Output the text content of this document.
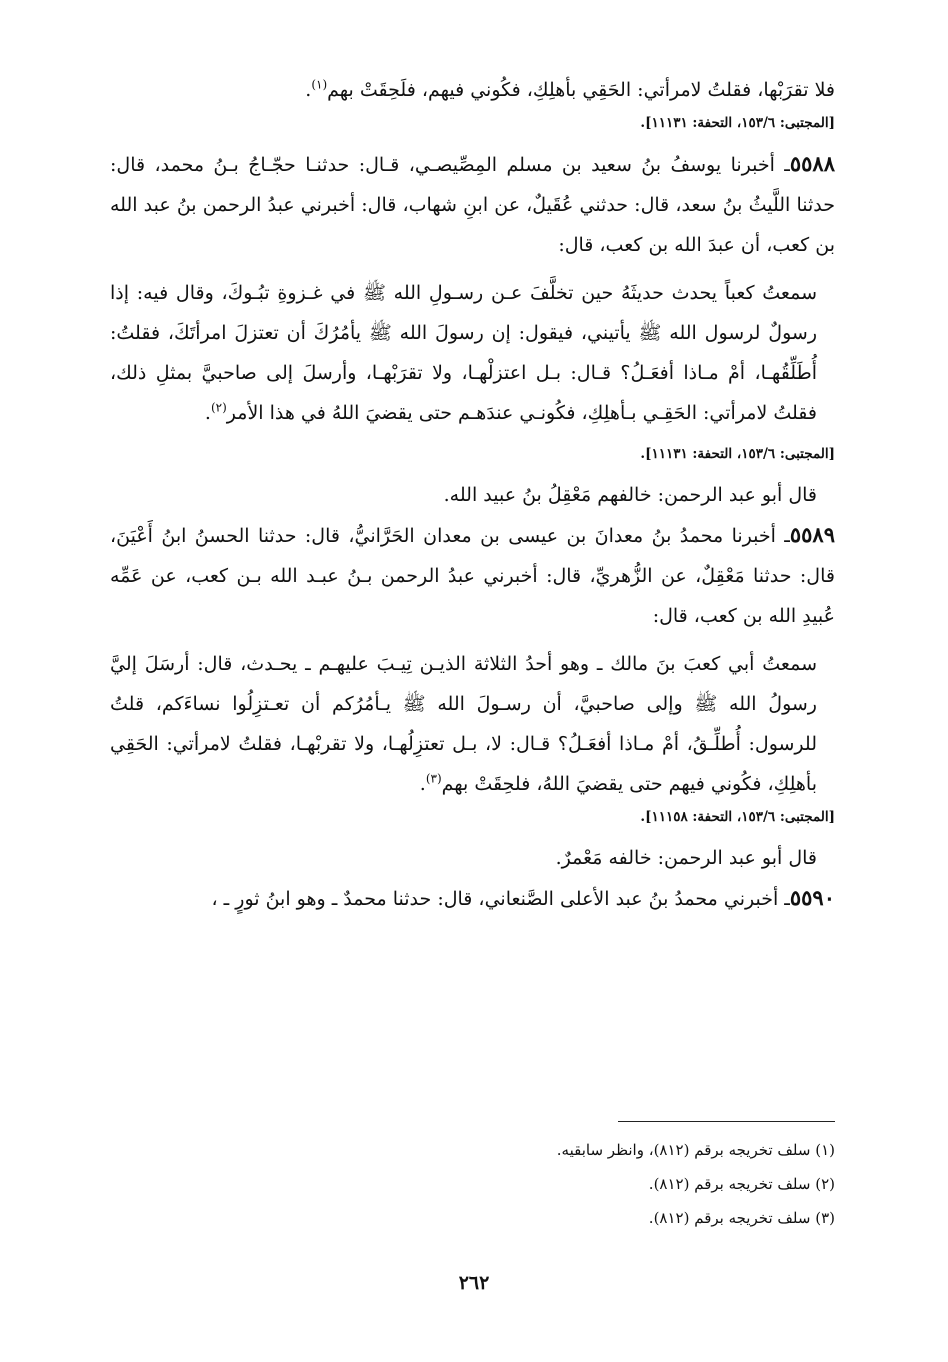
فلا تقرَبْها، فقلتُ لامرأتي: الحَقِي بأهلِكِ، فكُوني فيهم، فلَحِقَتْ بهم$^{(١)}$.

[المجتبى: ١٥٣/٦، التحفة: ١١١٣١].

٥٥٨٨ـ أخبرنا يوسفُ بنُ سعيد بن مسلم المِصِّيصـي، قـال: حدثنـا حجّـاجُ بـنُ محمد، قال: حدثنا اللَّيثُ بنُ سعد، قال: حدثني عُقَيلٌ، عن ابنِ شهاب، قال: أخبرني عبدُ الرحمن بنُ عبد الله بن كعب، أن عبدَ الله بن كعب، قال:

سمعتُ كعباً يحدث حديثَهُ حين تخلَّفَ عـن رسـولِ الله ﷺ في غـزوةِ تبُـوكَ، وقال فيه: إذا رسولٌ لرسول الله ﷺ يأتيني، فيقول: إن رسولَ الله ﷺ يأمُرُكَ أن تعتزلَ امرأتَكَ، فقلتُ: أُطَلِّقُهـا، أمْ مـاذا أفعَـلُ؟ قـال: بـل اعتزلْهـا، ولا تقرَبْهـا، وأرسلَ إلى صاحبيَّ بمثلِ ذلك، فقلتُ لامرأتي: الحَقِـي بـأهلِكِ، فكُونـي عندَهـم حتى يقضيَ اللهُ في هذا الأمر$^{(٢)}$.

[المجتبى: ١٥٣/٦، التحفة: ١١١٣١].

قال أبو عبد الرحمن: خالفهم مَعْقِلُ بنُ عبيد الله.

٥٥٨٩ـ أخبرنا محمدُ بنُ معدانَ بن عيسى بن معدان الحَرَّانيُّ، قال: حدثنا الحسنُ ابنُ أَعْيَنَ، قال: حدثنا مَعْقِلٌ، عن الزُّهريِّ، قال: أخبرني عبدُ الرحمن بـنُ عبـد الله بـن كعب، عن عَمِّه عُبيدِ الله بن كعب، قال:

سمعتُ أبي كعبَ بنَ مالك ـ وهو أحدُ الثلاثة الذيـن تِيـبَ عليهـم ـ يحـدث، قال: أرسَلَ إليَّ رسولُ الله ﷺ وإلى صاحبيَّ، أن رسـولَ الله ﷺ يـأمُرُكم أن تعـتزِلُوا نساءَكم، قلتُ للرسول: أُطلِّـقُ، أمْ مـاذا أفعَـلُ؟ قـال: لا، بـل تعتزِلُهـا، ولا تقربْهـا، فقلتُ لامرأتي: الحَقِي بأهلِكِ، فكُوني فيهم حتى يقضيَ اللهُ، فلحِقَتْ بهم$^{(٣)}$.

[المجتبى: ١٥٣/٦، التحفة: ١١١٥٨].

قال أبو عبد الرحمن: خالفه مَعْمرٌ.

٥٥٩٠ـ أخبرني محمدُ بنُ عبد الأعلى الصَّنعاني، قال: حدثنا محمدٌ ـ وهو ابنُ ثورٍ ـ ،

(١) سلف تخريجه برقم (٨١٢)، وانظر سابقيه.

(٢) سلف تخريجه برقم (٨١٢).

(٣) سلف تخريجه برقم (٨١٢).

٢٦٢
